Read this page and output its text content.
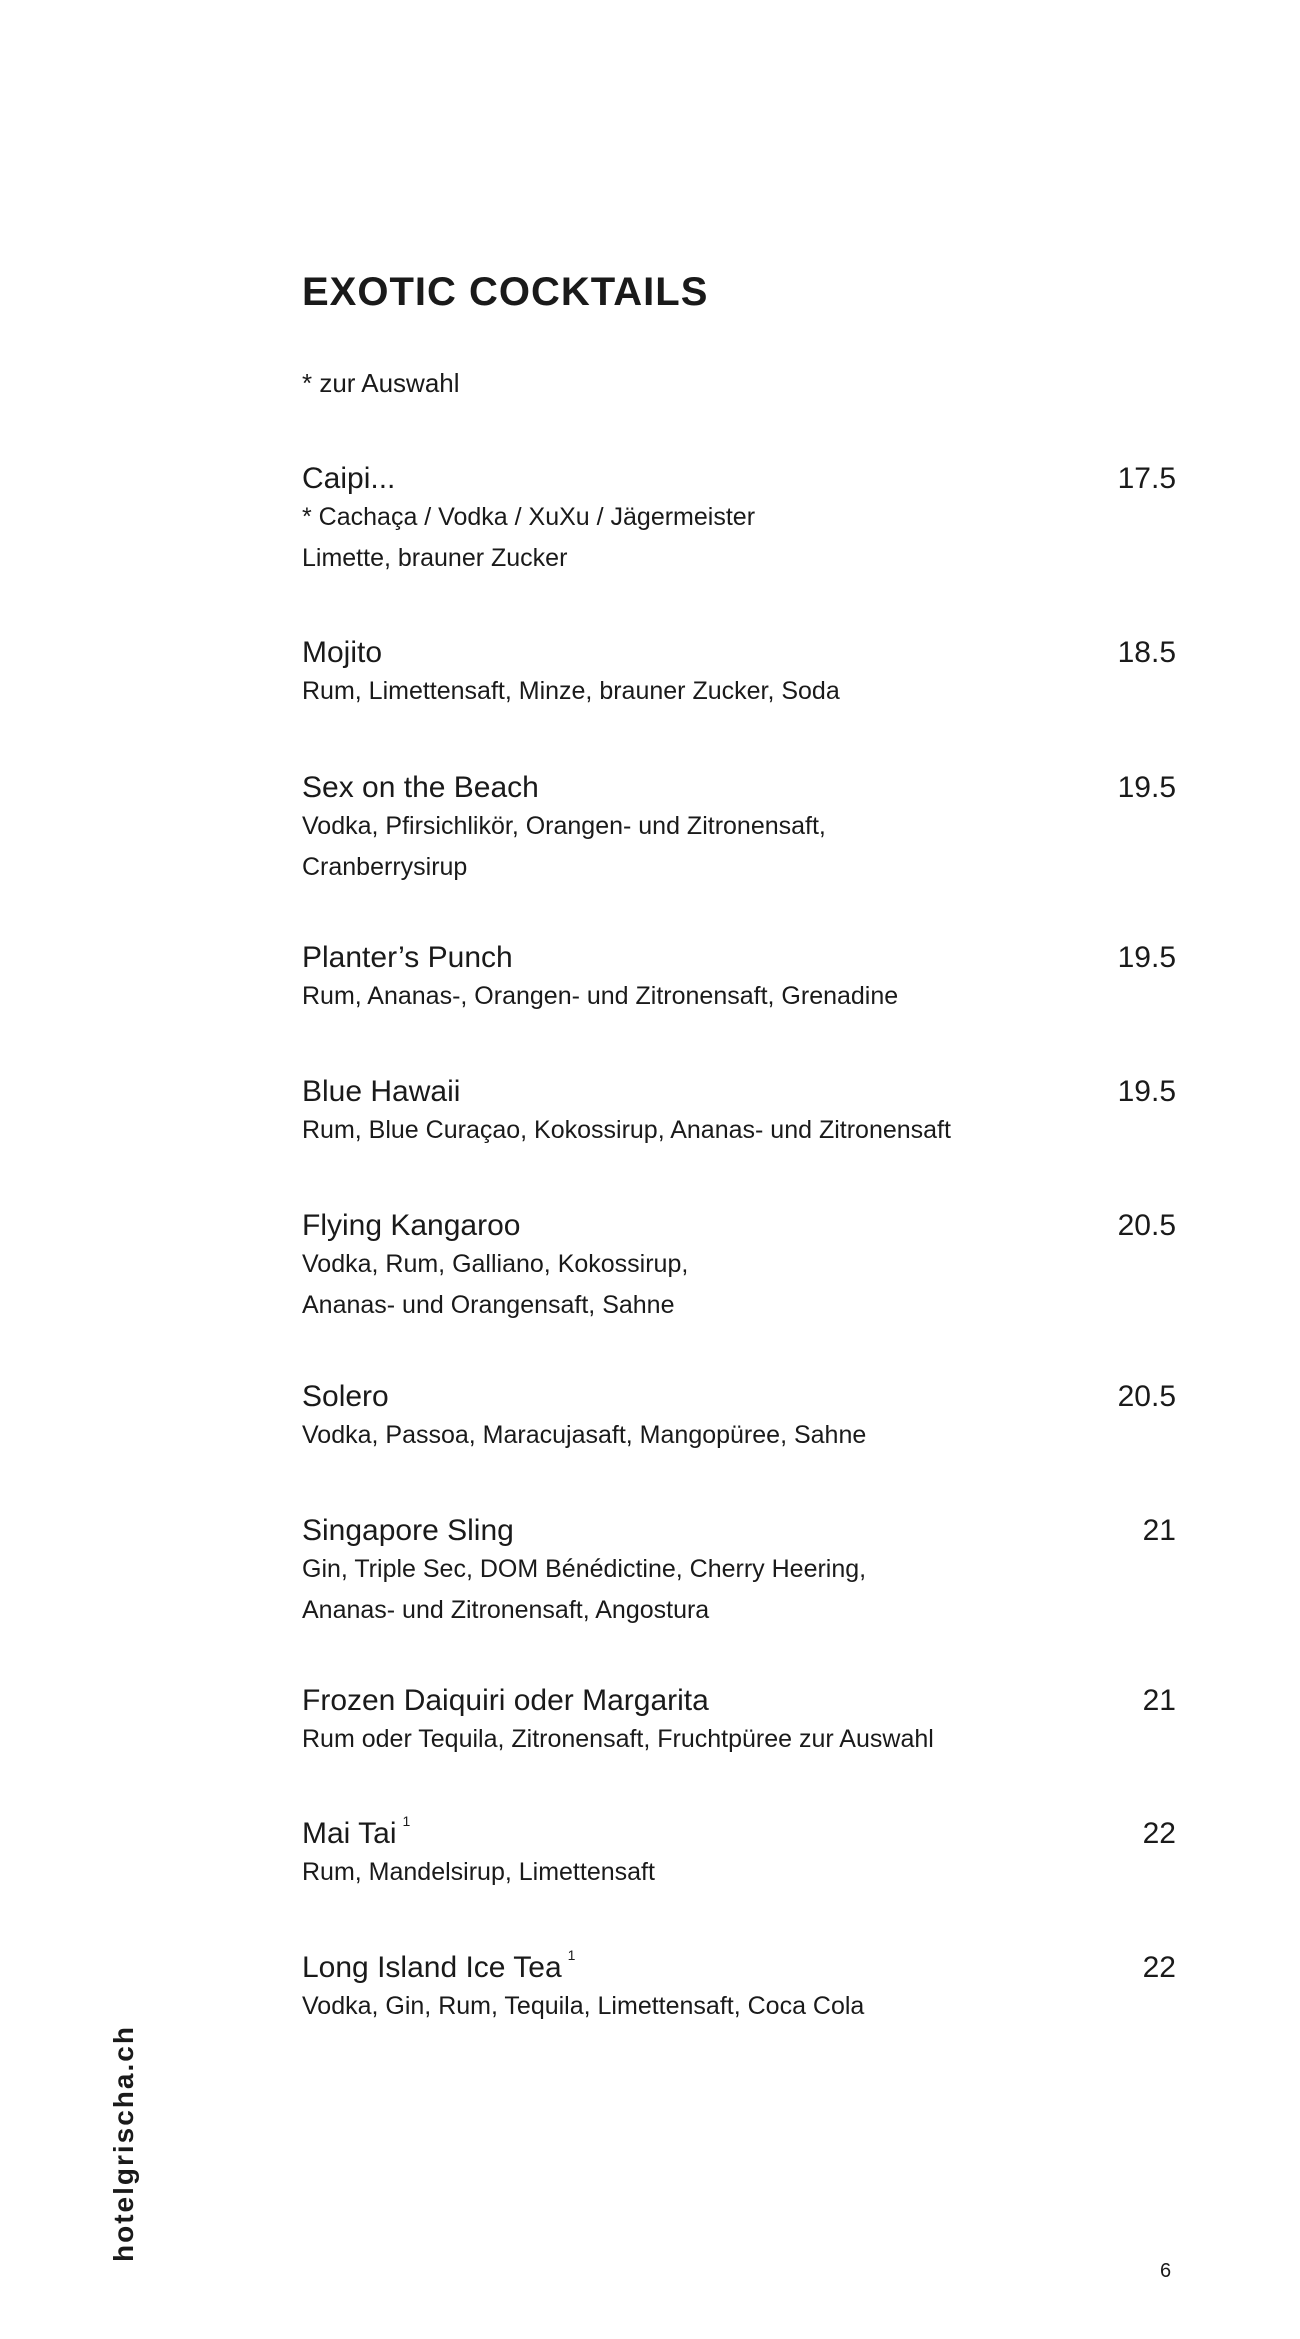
EXOTIC COCKTAILS
* zur Auswahl
Caipi...	17.5
* Cachaça / Vodka / XuXu / Jägermeister
Limette, brauner Zucker
Mojito	18.5
Rum, Limettensaft, Minze, brauner Zucker, Soda
Sex on the Beach	19.5
Vodka, Pfirsichlikör, Orangen- und Zitronensaft,
Cranberrysirup
Planter’s Punch	19.5
Rum, Ananas-, Orangen- und Zitronensaft, Grenadine
Blue Hawaii	19.5
Rum, Blue Curaçao, Kokossirup, Ananas- und Zitronensaft
Flying Kangaroo	20.5
Vodka, Rum, Galliano, Kokossirup,
Ananas- und Orangensaft, Sahne
Solero	20.5
Vodka, Passoa, Maracujasaft, Mangopüree, Sahne
Singapore Sling	21
Gin, Triple Sec, DOM Bénédictine, Cherry Heering,
Ananas- und Zitronensaft, Angostura
Frozen Daiquiri oder Margarita	21
Rum oder Tequila, Zitronensaft, Fruchtpüree zur Auswahl
Mai Tai $^1$	22
Rum, Mandelsirup, Limettensaft
Long Island Ice Tea $^1$	22
Vodka, Gin, Rum, Tequila, Limettensaft, Coca Cola
hotelgrischa.ch
6
